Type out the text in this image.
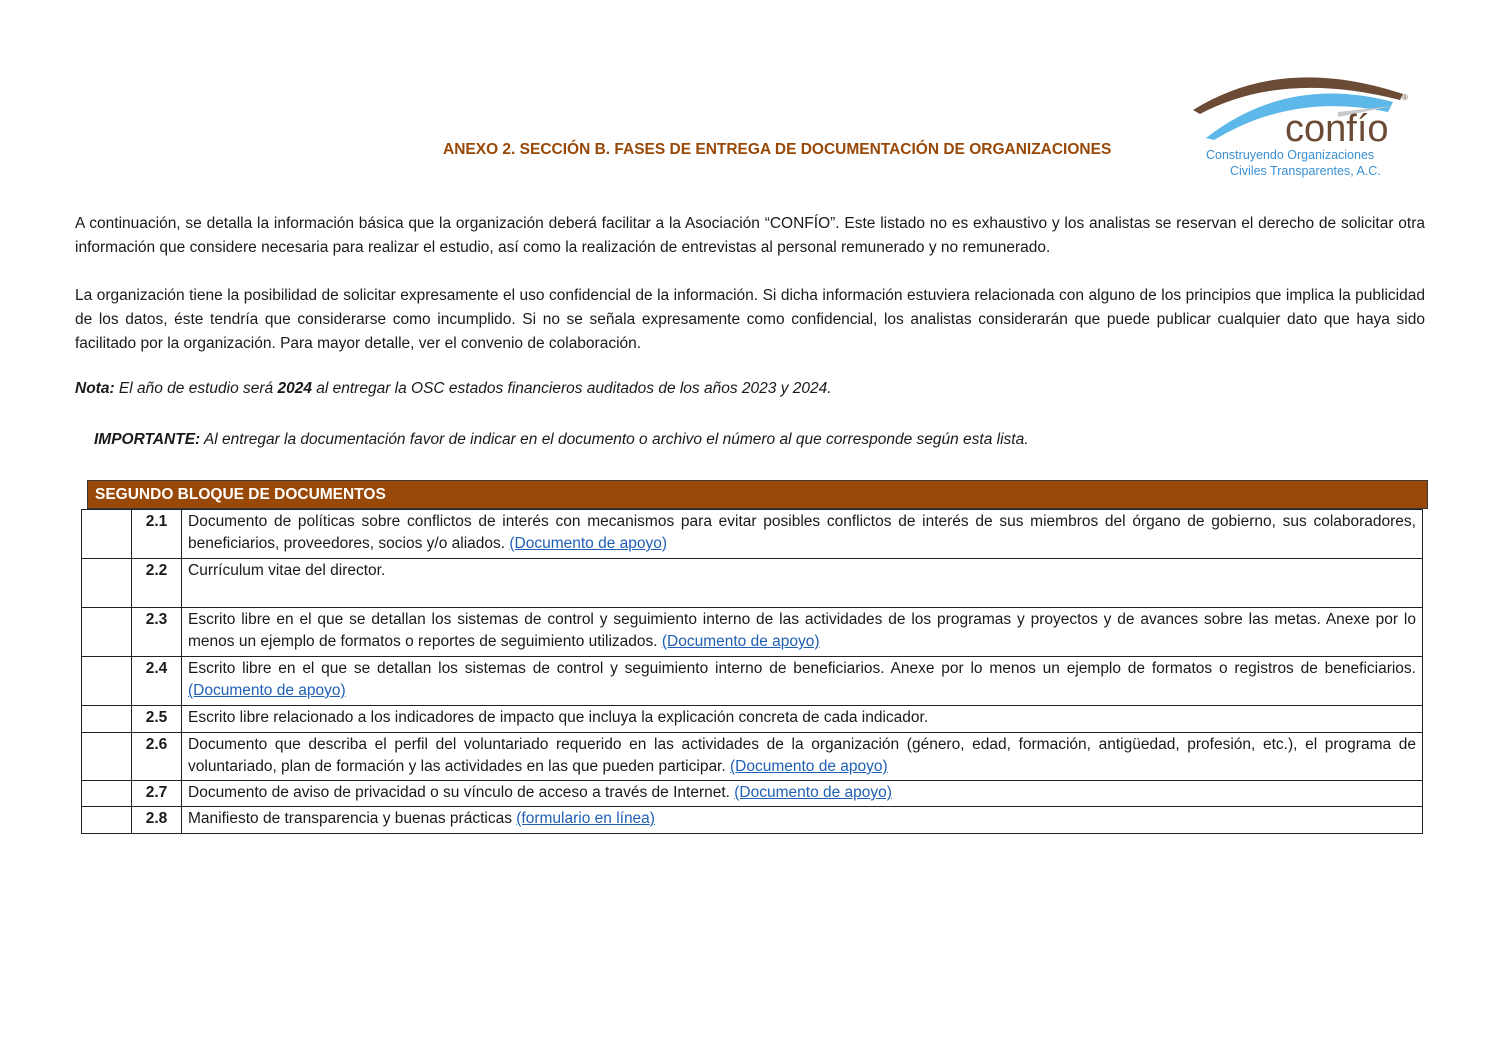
®
confío
Construyendo Organizaciones
Civiles Transparentes, A.C.
ANEXO 2. SECCIÓN B. FASES DE ENTREGA DE DOCUMENTACIÓN DE ORGANIZACIONES
A continuación, se detalla la información básica que la organización deberá facilitar a la Asociación “CONFÍO”. Este listado no es exhaustivo y los analistas se reservan el derecho de solicitar otra información que considere necesaria para realizar el estudio, así como la realización de entrevistas al personal remunerado y no remunerado.
La organización tiene la posibilidad de solicitar expresamente el uso confidencial de la información. Si dicha información estuviera relacionada con alguno de los principios que implica la publicidad de los datos, éste tendría que considerarse como incumplido. Si no se señala expresamente como confidencial, los analistas considerarán que puede publicar cualquier dato que haya sido facilitado por la organización. Para mayor detalle, ver el convenio de colaboración.
Nota: El año de estudio será 2024 al entregar la OSC estados financieros auditados de los años 2023 y 2024.
IMPORTANTE: Al entregar la documentación favor de indicar en el documento o archivo el número al que corresponde según esta lista.
SEGUNDO BLOQUE DE DOCUMENTOS
	2.1	Documento de políticas sobre conflictos de interés con mecanismos para evitar posibles conflictos de interés de sus miembros del órgano de gobierno, sus colaboradores, beneficiarios, proveedores, socios y/o aliados. (Documento de apoyo)
	2.2	Currículum vitae del director.
	2.3	Escrito libre en el que se detallan los sistemas de control y seguimiento interno de las actividades de los programas y proyectos y de avances sobre las metas. Anexe por lo menos un ejemplo de formatos o reportes de seguimiento utilizados. (Documento de apoyo)
	2.4	Escrito libre en el que se detallan los sistemas de control y seguimiento interno de beneficiarios. Anexe por lo menos un ejemplo de formatos o registros de beneficiarios. (Documento de apoyo)
	2.5	Escrito libre relacionado a los indicadores de impacto que incluya la explicación concreta de cada indicador.
	2.6	Documento que describa el perfil del voluntariado requerido en las actividades de la organización (género, edad, formación, antigüedad, profesión, etc.), el programa de voluntariado, plan de formación y las actividades en las que pueden participar. (Documento de apoyo)
	2.7	Documento de aviso de privacidad o su vínculo de acceso a través de Internet. (Documento de apoyo)
	2.8	Manifiesto de transparencia y buenas prácticas (formulario en línea)
